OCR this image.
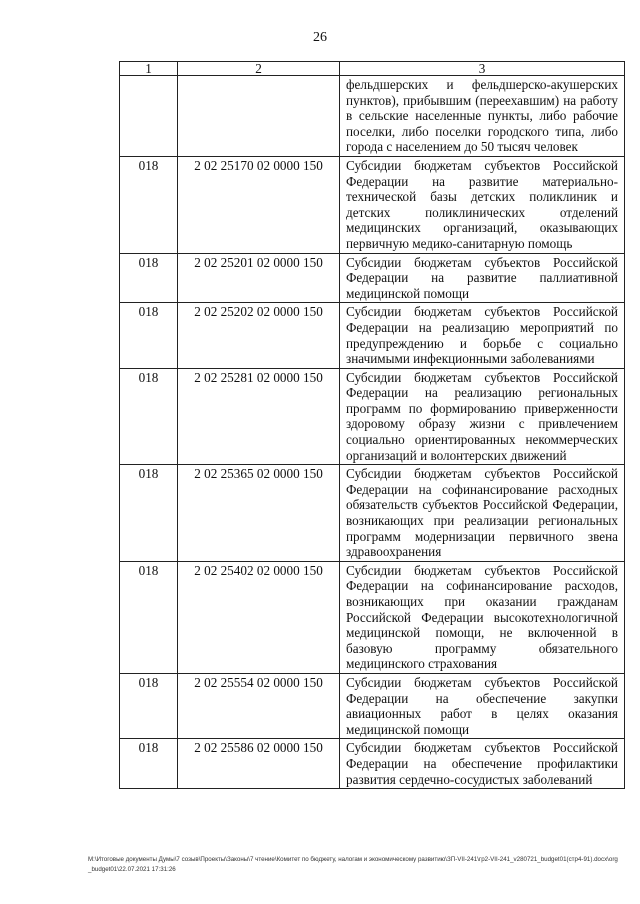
26
1	2	3
		фельдшерских и фельдшерско-акушерских пунктов), прибывшим (переехавшим) на работу в сельские населенные пункты, либо рабочие поселки, либо поселки городского типа, либо города с населением до 50 тысяч человек
018	2 02 25170 02 0000 150	Субсидии бюджетам субъектов Российской Федерации на развитие материально-технической базы детских поликлиник и детских поликлинических отделений медицинских организаций, оказывающих первичную медико-санитарную помощь
018	2 02 25201 02 0000 150	Субсидии бюджетам субъектов Российской Федерации на развитие паллиативной медицинской помощи
018	2 02 25202 02 0000 150	Субсидии бюджетам субъектов Российской Федерации на реализацию мероприятий по предупреждению и борьбе с социально значимыми инфекционными заболеваниями
018	2 02 25281 02 0000 150	Субсидии бюджетам субъектов Российской Федерации на реализацию региональных программ по формированию приверженности здоровому образу жизни с привлечением социально ориентированных некоммерческих организаций и волонтерских движений
018	2 02 25365 02 0000 150	Субсидии бюджетам субъектов Российской Федерации на софинансирование расходных обязательств субъектов Российской Федерации, возникающих при реализации региональных программ модернизации первичного звена здравоохранения
018	2 02 25402 02 0000 150	Субсидии бюджетам субъектов Российской Федерации на софинансирование расходов, возникающих при оказании гражданам Российской Федерации высокотехнологичной медицинской помощи, не включенной в базовую программу обязательного медицинского страхования
018	2 02 25554 02 0000 150	Субсидии бюджетам субъектов Российской Федерации на обеспечение закупки авиационных работ в целях оказания медицинской помощи
018	2 02 25586 02 0000 150	Субсидии бюджетам субъектов Российской Федерации на обеспечение профилактики развития сердечно-сосудистых заболеваний
M:\Итоговые документы Думы\7 созыв\Проекты\Законы\7 чтение\Комитет по бюджету, налогам и экономическому развитию\ЗП-VII-241\гр2-VII-241_v280721_budget01(стр4-91).docx\org_budget01\22.07.2021 17:31:26
